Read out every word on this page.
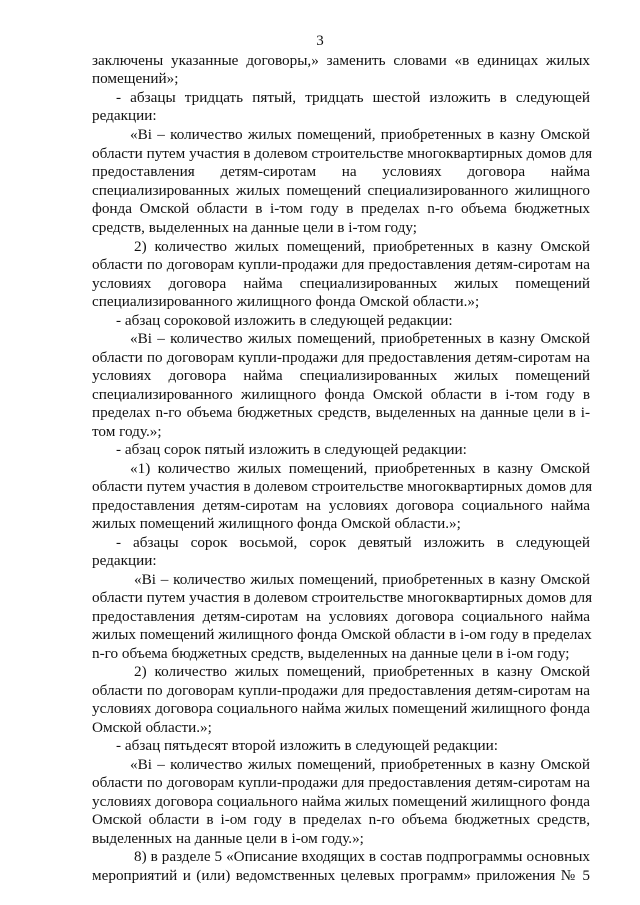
3
заключены указанные договоры,» заменить словами «в единицах жилых
помещений»;
- абзацы тридцать пятый, тридцать шестой изложить в следующей
редакции:
«Bi – количество жилых помещений, приобретенных в казну Омской
области путем участия в долевом строительстве многоквартирных домов для
предоставления детям-сиротам на условиях договора найма
специализированных жилых помещений специализированного жилищного
фонда Омской области в i-том году в пределах n-го объема бюджетных
средств, выделенных на данные цели в i-том году;
2) количество жилых помещений, приобретенных в казну Омской
области по договорам купли-продажи для предоставления детям-сиротам на
условиях договора найма специализированных жилых помещений
специализированного жилищного фонда Омской области.»;
- абзац сороковой изложить в следующей редакции:
«Bi – количество жилых помещений, приобретенных в казну Омской
области по договорам купли-продажи для предоставления детям-сиротам на
условиях договора найма специализированных жилых помещений
специализированного жилищного фонда Омской области в i-том году в
пределах n-го объема бюджетных средств, выделенных на данные цели в i-
том году.»;
- абзац сорок пятый изложить в следующей редакции:
«1) количество жилых помещений, приобретенных в казну Омской
области путем участия в долевом строительстве многоквартирных домов для
предоставления детям-сиротам на условиях договора социального найма
жилых помещений жилищного фонда Омской области.»;
- абзацы сорок восьмой, сорок девятый изложить в следующей
редакции:
«Bi – количество жилых помещений, приобретенных в казну Омской
области путем участия в долевом строительстве многоквартирных домов для
предоставления детям-сиротам на условиях договора социального найма
жилых помещений жилищного фонда Омской области в i-ом году в пределах
n-го объема бюджетных средств, выделенных на данные цели в i-ом году;
2) количество жилых помещений, приобретенных в казну Омской
области по договорам купли-продажи для предоставления детям-сиротам на
условиях договора социального найма жилых помещений жилищного фонда
Омской области.»;
- абзац пятьдесят второй изложить в следующей редакции:
«Bi – количество жилых помещений, приобретенных в казну Омской
области по договорам купли-продажи для предоставления детям-сиротам на
условиях договора социального найма жилых помещений жилищного фонда
Омской области в i-ом году в пределах n-го объема бюджетных средств,
выделенных на данные цели в i-ом году.»;
8) в разделе 5 «Описание входящих в состав подпрограммы основных
мероприятий и (или) ведомственных целевых программ» приложения № 5
